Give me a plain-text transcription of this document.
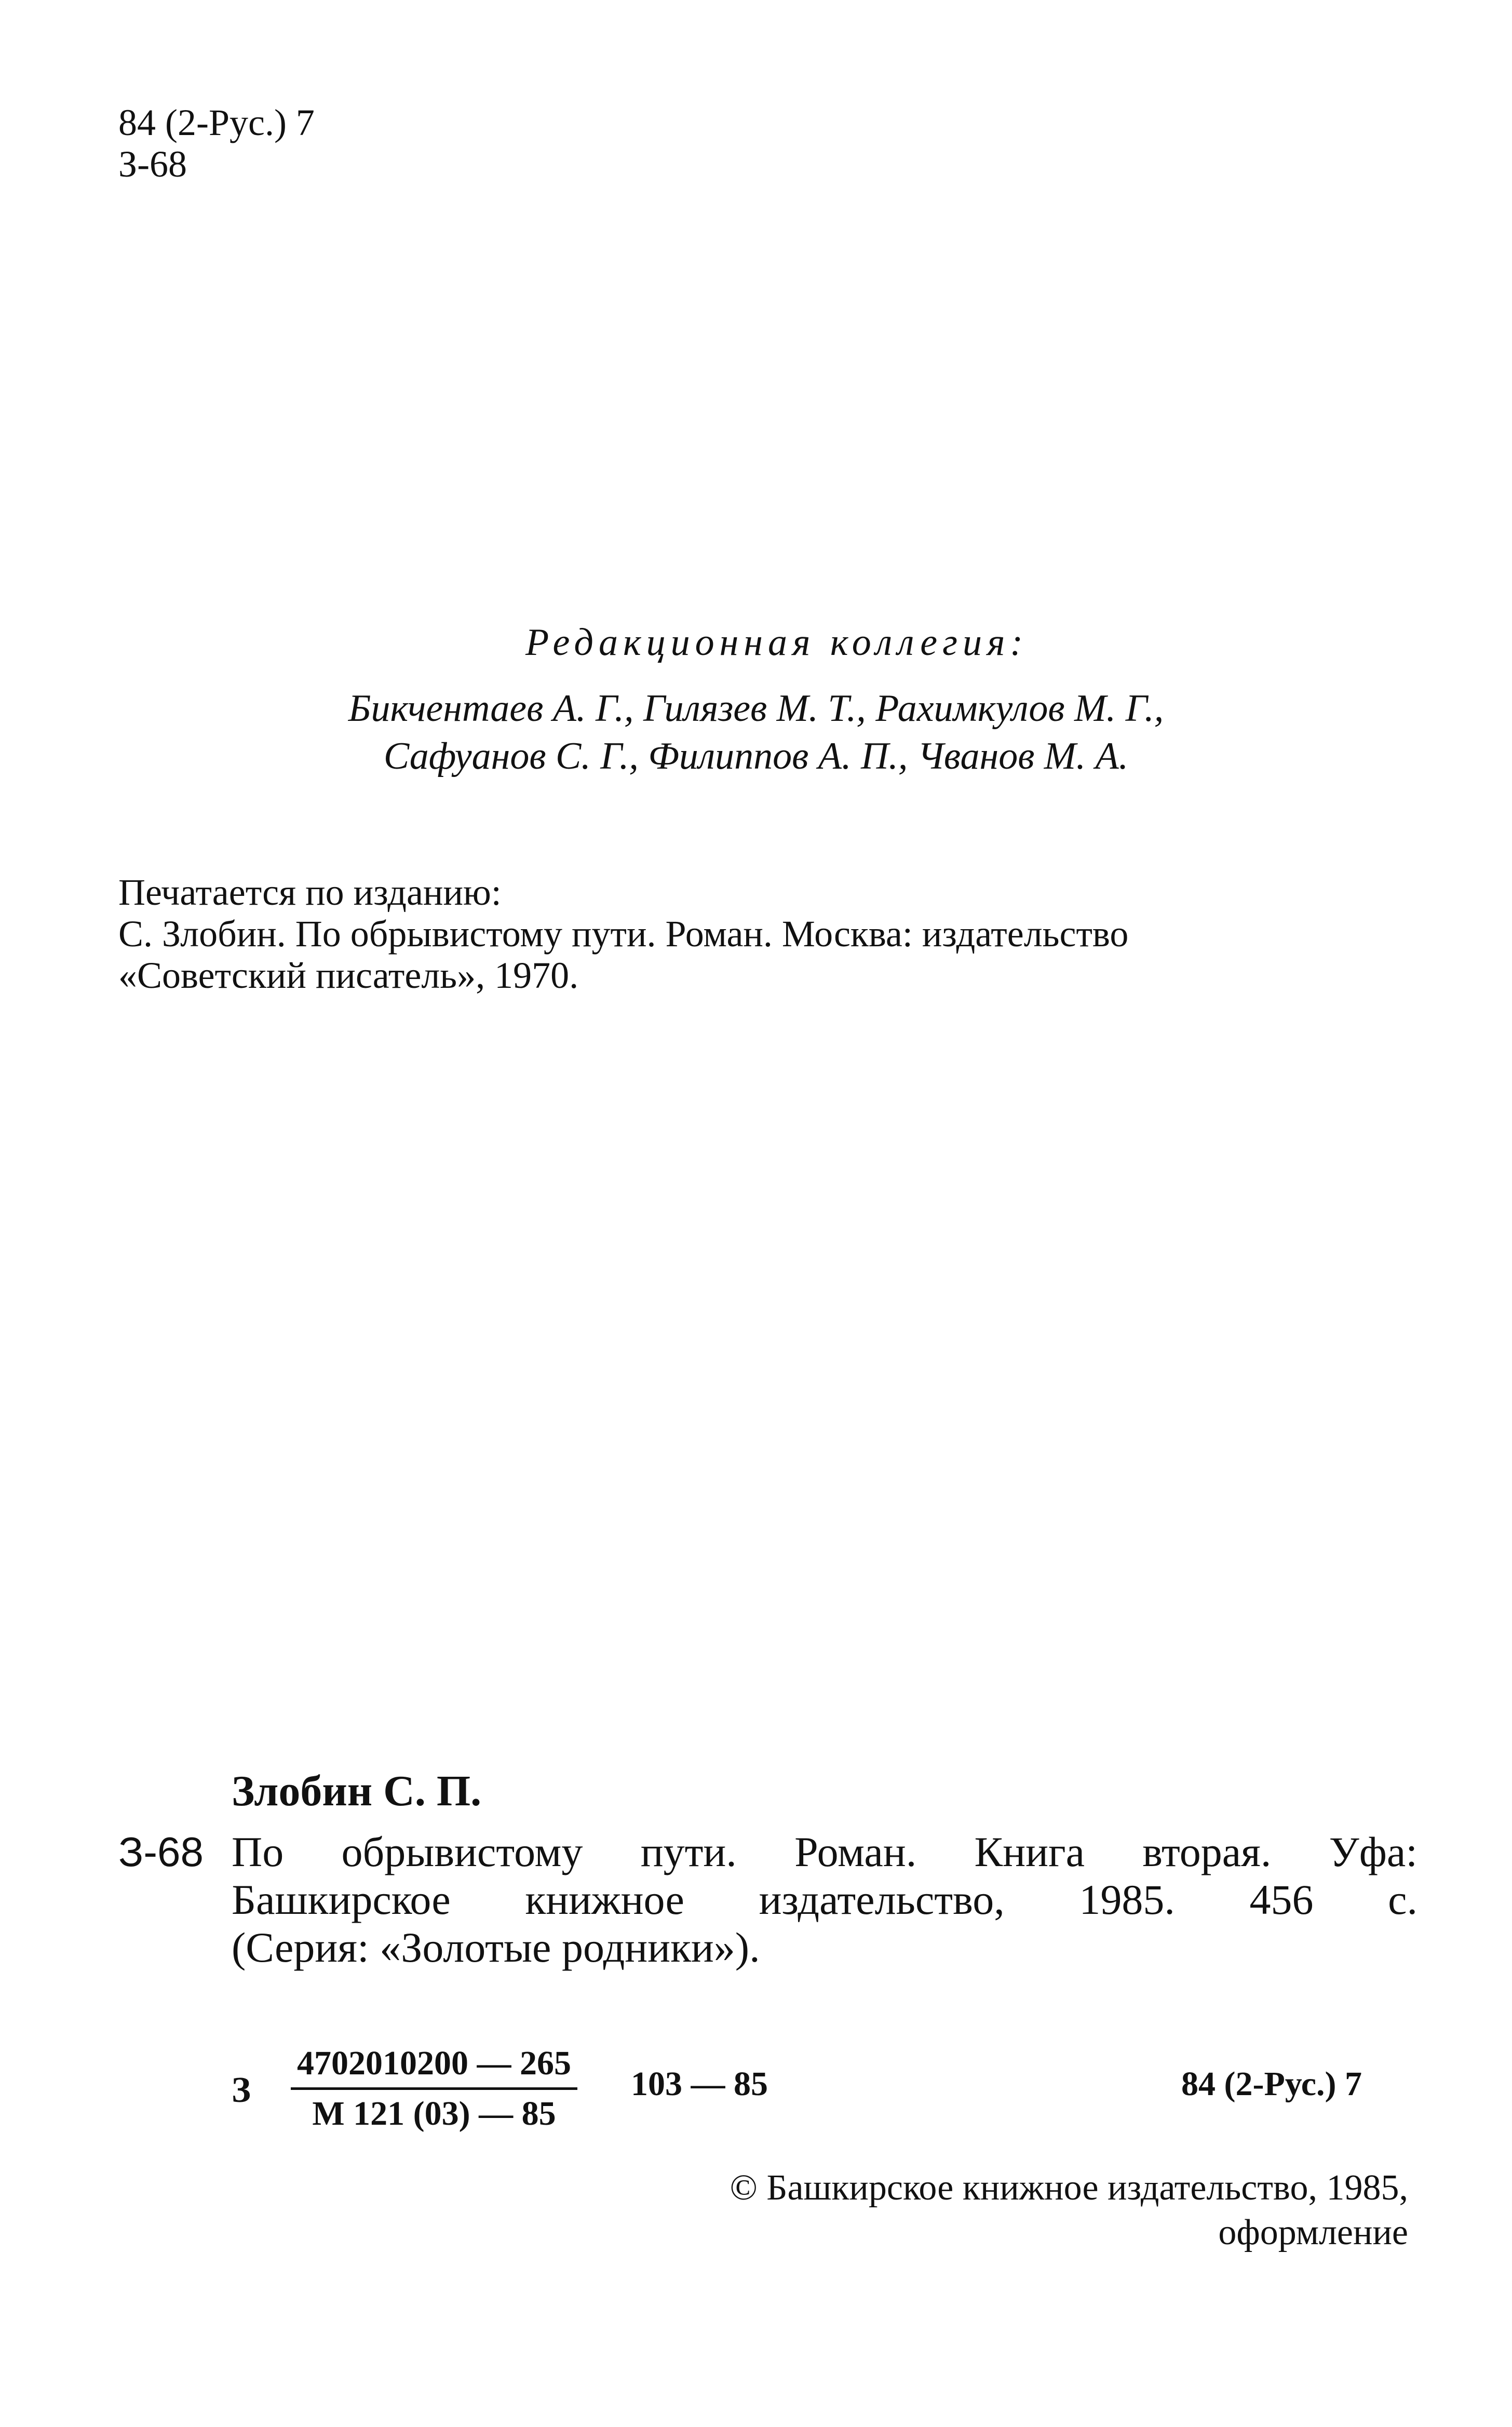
84 (2-Рус.) 7
З-68
Редакционная коллегия:
Бикчентаев А. Г., Гилязев М. Т., Рахимкулов М. Г.,
Сафуанов С. Г., Филиппов А. П., Чванов М. А.
Печатается по изданию:
С. Злобин. По обрывистому пути. Роман. Москва: издательство
«Советский писатель», 1970.
Злобин С. П.
З-68 По обрывистому пути. Роман. Книга вторая. Уфа:
Башкирское книжное издательство, 1985. 456 с.
(Серия: «Золотые родники»).
З
4702010200 — 265
М 121 (03) — 85
103 — 85	84 (2-Рус.) 7
© Башкирское книжное издательство, 1985,
оформление
